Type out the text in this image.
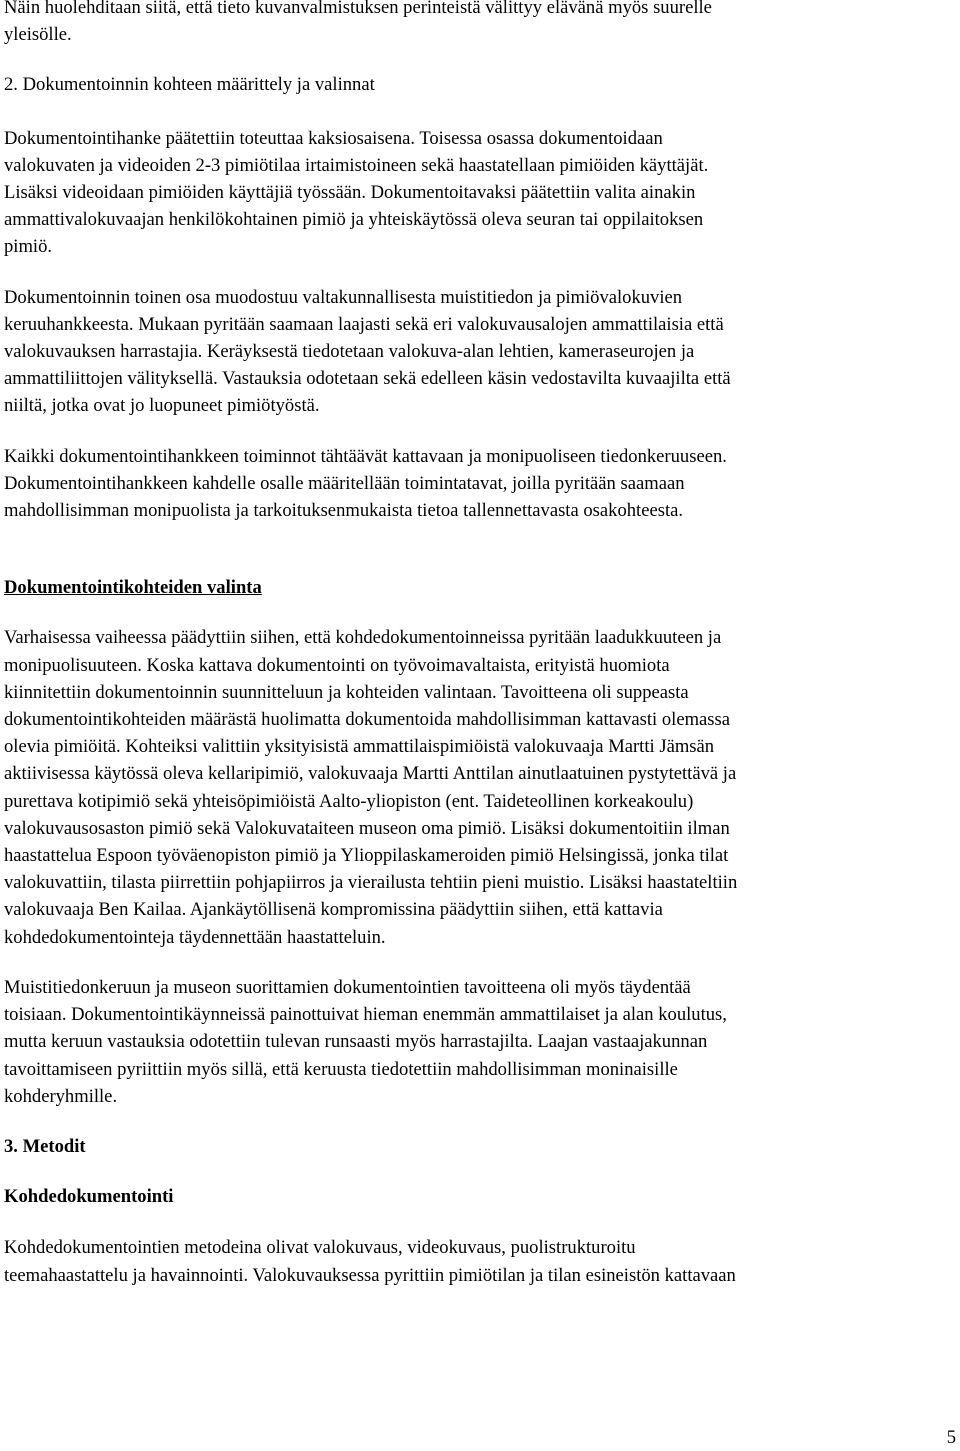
Näin huolehditaan siitä, että tieto kuvanvalmistuksen perinteistä välittyy elävänä myös suurelle
yleisölle.

2. Dokumentoinnin kohteen määrittely ja valinnat

Dokumentointihanke päätettiin toteuttaa kaksiosaisena. Toisessa osassa dokumentoidaan
valokuvaten ja videoiden 2-3 pimiötilaa irtaimistoineen sekä haastatellaan pimiöiden käyttäjät.
Lisäksi videoidaan pimiöiden käyttäjiä työssään. Dokumentoitavaksi päätettiin valita ainakin
ammattivalokuvaajan henkilökohtainen pimiö ja yhteiskäytössä oleva seuran tai oppilaitoksen
pimiö.

Dokumentoinnin toinen osa muodostuu valtakunnallisesta muistitiedon ja pimiövalokuvien
keruuhankkeesta. Mukaan pyritään saamaan laajasti sekä eri valokuvausalojen ammattilaisia että
valokuvauksen harrastajia. Keräyksestä tiedotetaan valokuva-alan lehtien, kameraseurojen ja
ammattiliittojen välityksellä. Vastauksia odotetaan sekä edelleen käsin vedostavilta kuvaajilta että
niiltä, jotka ovat jo luopuneet pimiötyöstä.

Kaikki dokumentointihankkeen toiminnot tähtäävät kattavaan ja monipuoliseen tiedonkeruuseen.
Dokumentointihankkeen kahdelle osalle määritellään toimintatavat, joilla pyritään saamaan
mahdollisimman monipuolista ja tarkoituksenmukaista tietoa tallennettavasta osakohteesta.

Dokumentointikohteiden valinta

Varhaisessa vaiheessa päädyttiin siihen, että kohdedokumentoinneissa pyritään laadukkuuteen ja
monipuolisuuteen. Koska kattava dokumentointi on työvoimavaltaista, erityistä huomiota
kiinnitettiin dokumentoinnin suunnitteluun ja kohteiden valintaan. Tavoitteena oli suppeasta
dokumentointikohteiden määrästä huolimatta dokumentoida mahdollisimman kattavasti olemassa
olevia pimiöitä. Kohteiksi valittiin yksityisistä ammattilaispimiöistä valokuvaaja Martti Jämsän
aktiivisessa käytössä oleva kellaripimiö, valokuvaaja Martti Anttilan ainutlaatuinen pystytettävä ja
purettava kotipimiö sekä yhteisöpimiöistä Aalto-yliopiston (ent. Taideteollinen korkeakoulu)
valokuvausosaston pimiö sekä Valokuvataiteen museon oma pimiö. Lisäksi dokumentoitiin ilman
haastattelua Espoon työväenopiston pimiö ja Ylioppilaskameroiden pimiö Helsingissä, jonka tilat
valokuvattiin, tilasta piirrettiin pohjapiirros ja vierailusta tehtiin pieni muistio. Lisäksi haastateltiin
valokuvaaja Ben Kailaa. Ajankäytöllisenä kompromissina päädyttiin siihen, että kattavia
kohdedokumentointeja täydennettään haastatteluin.

Muistitiedonkeruun ja museon suorittamien dokumentointien tavoitteena oli myös täydentää
toisiaan. Dokumentointikäynneissä painottuivat hieman enemmän ammattilaiset ja alan koulutus,
mutta keruun vastauksia odotettiin tulevan runsaasti myös harrastajilta. Laajan vastaajakunnan
tavoittamiseen pyriittiin myös sillä, että keruusta tiedotettiin mahdollisimman moninaisille
kohderyhmille.

3. Metodit
Kohdedokumentointi

Kohdedokumentointien metodeina olivat valokuvaus, videokuvaus, puolistrukturoitu
teemahaastattelu ja havainnointi. Valokuvauksessa pyrittiin pimiötilan ja tilan esineistön kattavaan

5
